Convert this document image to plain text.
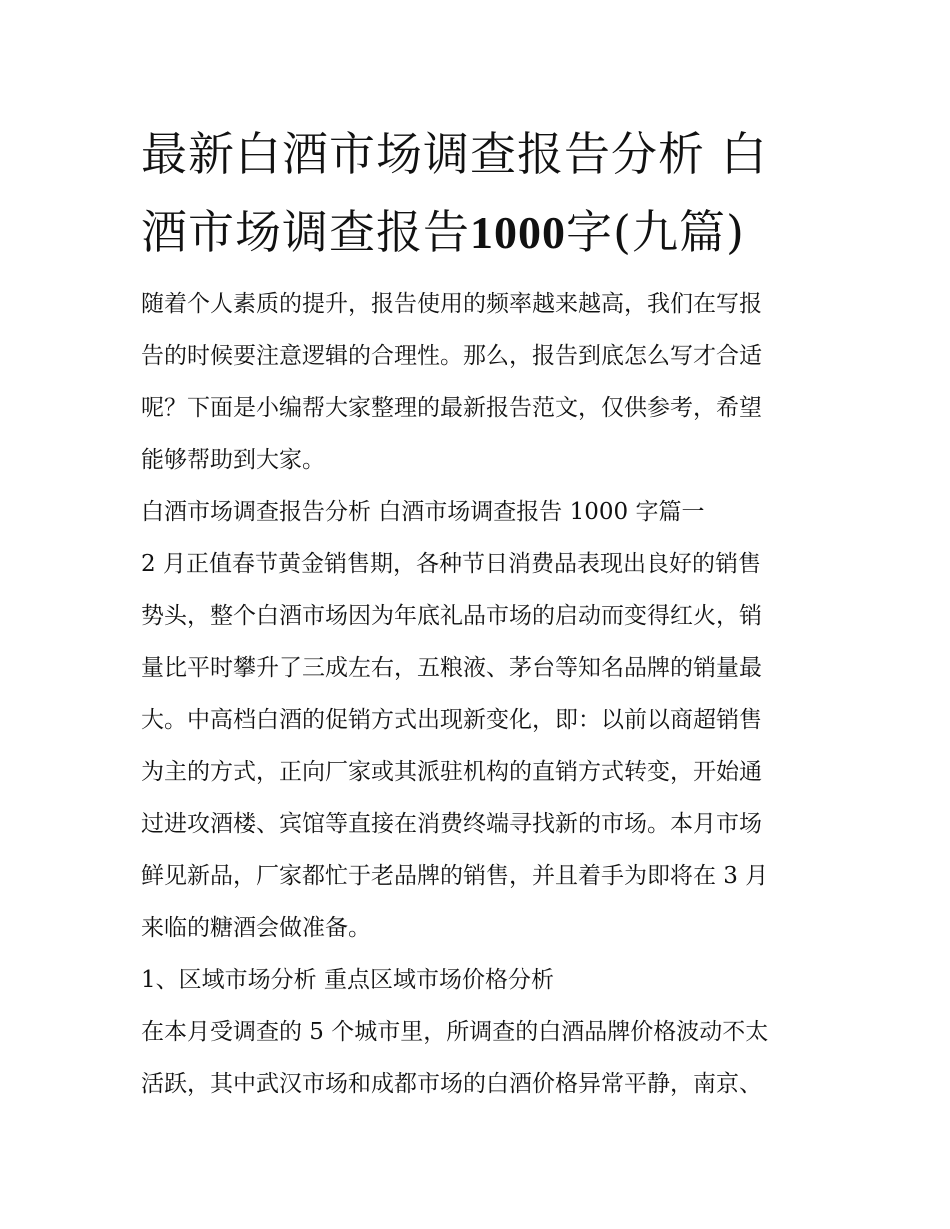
最新白酒市场调查报告分析 白
酒市场调查报告1000字(九篇)

随着个人素质的提升，报告使用的频率越来越高，我们在写报
告的时候要注意逻辑的合理性。那么，报告到底怎么写才合适
呢？下面是小编帮大家整理的最新报告范文，仅供参考，希望
能够帮助到大家。

白酒市场调查报告分析 白酒市场调查报告 1000 字篇一

2 月正值春节黄金销售期，各种节日消费品表现出良好的销售
势头，整个白酒市场因为年底礼品市场的启动而变得红火，销
量比平时攀升了三成左右，五粮液、茅台等知名品牌的销量最
大。中高档白酒的促销方式出现新变化，即：以前以商超销售
为主的方式，正向厂家或其派驻机构的直销方式转变，开始通
过进攻酒楼、宾馆等直接在消费终端寻找新的市场。本月市场
鲜见新品，厂家都忙于老品牌的销售，并且着手为即将在 3 月
来临的糖酒会做准备。

1、区域市场分析 重点区域市场价格分析

在本月受调查的 5 个城市里，所调查的白酒品牌价格波动不太
活跃，其中武汉市场和成都市场的白酒价格异常平静，南京、
